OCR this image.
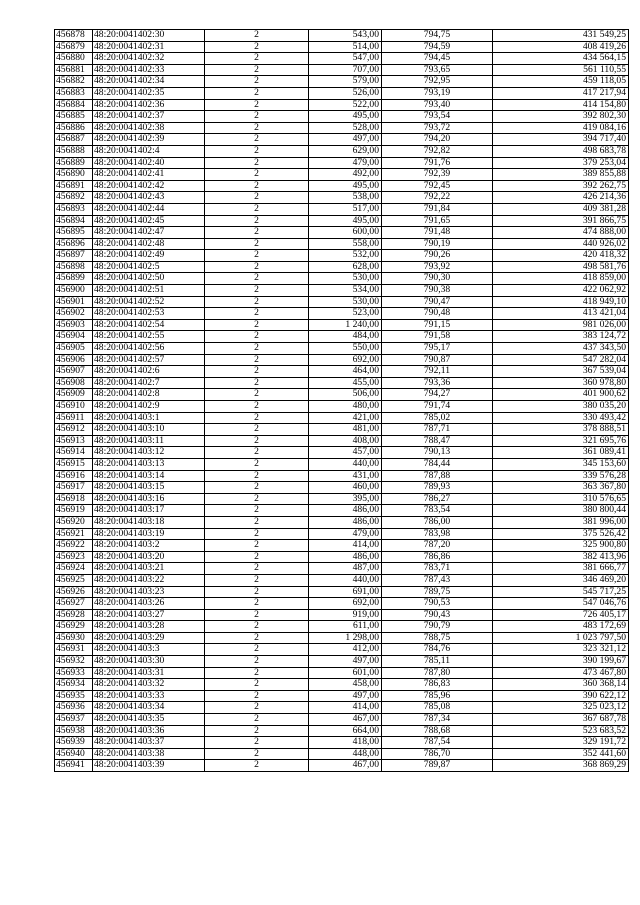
456878	48:20:0041402:30	2	543,00	794,75	431 549,25
456879	48:20:0041402:31	2	514,00	794,59	408 419,26
456880	48:20:0041402:32	2	547,00	794,45	434 564,15
456881	48:20:0041402:33	2	707,00	793,65	561 110,55
456882	48:20:0041402:34	2	579,00	792,95	459 118,05
456883	48:20:0041402:35	2	526,00	793,19	417 217,94
456884	48:20:0041402:36	2	522,00	793,40	414 154,80
456885	48:20:0041402:37	2	495,00	793,54	392 802,30
456886	48:20:0041402:38	2	528,00	793,72	419 084,16
456887	48:20:0041402:39	2	497,00	794,20	394 717,40
456888	48:20:0041402:4	2	629,00	792,82	498 683,78
456889	48:20:0041402:40	2	479,00	791,76	379 253,04
456890	48:20:0041402:41	2	492,00	792,39	389 855,88
456891	48:20:0041402:42	2	495,00	792,45	392 262,75
456892	48:20:0041402:43	2	538,00	792,22	426 214,36
456893	48:20:0041402:44	2	517,00	791,84	409 381,28
456894	48:20:0041402:45	2	495,00	791,65	391 866,75
456895	48:20:0041402:47	2	600,00	791,48	474 888,00
456896	48:20:0041402:48	2	558,00	790,19	440 926,02
456897	48:20:0041402:49	2	532,00	790,26	420 418,32
456898	48:20:0041402:5	2	628,00	793,92	498 581,76
456899	48:20:0041402:50	2	530,00	790,30	418 859,00
456900	48:20:0041402:51	2	534,00	790,38	422 062,92
456901	48:20:0041402:52	2	530,00	790,47	418 949,10
456902	48:20:0041402:53	2	523,00	790,48	413 421,04
456903	48:20:0041402:54	2	1 240,00	791,15	981 026,00
456904	48:20:0041402:55	2	484,00	791,58	383 124,72
456905	48:20:0041402:56	2	550,00	795,17	437 343,50
456906	48:20:0041402:57	2	692,00	790,87	547 282,04
456907	48:20:0041402:6	2	464,00	792,11	367 539,04
456908	48:20:0041402:7	2	455,00	793,36	360 978,80
456909	48:20:0041402:8	2	506,00	794,27	401 900,62
456910	48:20:0041402:9	2	480,00	791,74	380 035,20
456911	48:20:0041403:1	2	421,00	785,02	330 493,42
456912	48:20:0041403:10	2	481,00	787,71	378 888,51
456913	48:20:0041403:11	2	408,00	788,47	321 695,76
456914	48:20:0041403:12	2	457,00	790,13	361 089,41
456915	48:20:0041403:13	2	440,00	784,44	345 153,60
456916	48:20:0041403:14	2	431,00	787,88	339 576,28
456917	48:20:0041403:15	2	460,00	789,93	363 367,80
456918	48:20:0041403:16	2	395,00	786,27	310 576,65
456919	48:20:0041403:17	2	486,00	783,54	380 800,44
456920	48:20:0041403:18	2	486,00	786,00	381 996,00
456921	48:20:0041403:19	2	479,00	783,98	375 526,42
456922	48:20:0041403:2	2	414,00	787,20	325 900,80
456923	48:20:0041403:20	2	486,00	786,86	382 413,96
456924	48:20:0041403:21	2	487,00	783,71	381 666,77
456925	48:20:0041403:22	2	440,00	787,43	346 469,20
456926	48:20:0041403:23	2	691,00	789,75	545 717,25
456927	48:20:0041403:26	2	692,00	790,53	547 046,76
456928	48:20:0041403:27	2	919,00	790,43	726 405,17
456929	48:20:0041403:28	2	611,00	790,79	483 172,69
456930	48:20:0041403:29	2	1 298,00	788,75	1 023 797,50
456931	48:20:0041403:3	2	412,00	784,76	323 321,12
456932	48:20:0041403:30	2	497,00	785,11	390 199,67
456933	48:20:0041403:31	2	601,00	787,80	473 467,80
456934	48:20:0041403:32	2	458,00	786,83	360 368,14
456935	48:20:0041403:33	2	497,00	785,96	390 622,12
456936	48:20:0041403:34	2	414,00	785,08	325 023,12
456937	48:20:0041403:35	2	467,00	787,34	367 687,78
456938	48:20:0041403:36	2	664,00	788,68	523 683,52
456939	48:20:0041403:37	2	418,00	787,54	329 191,72
456940	48:20:0041403:38	2	448,00	786,70	352 441,60
456941	48:20:0041403:39	2	467,00	789,87	368 869,29
